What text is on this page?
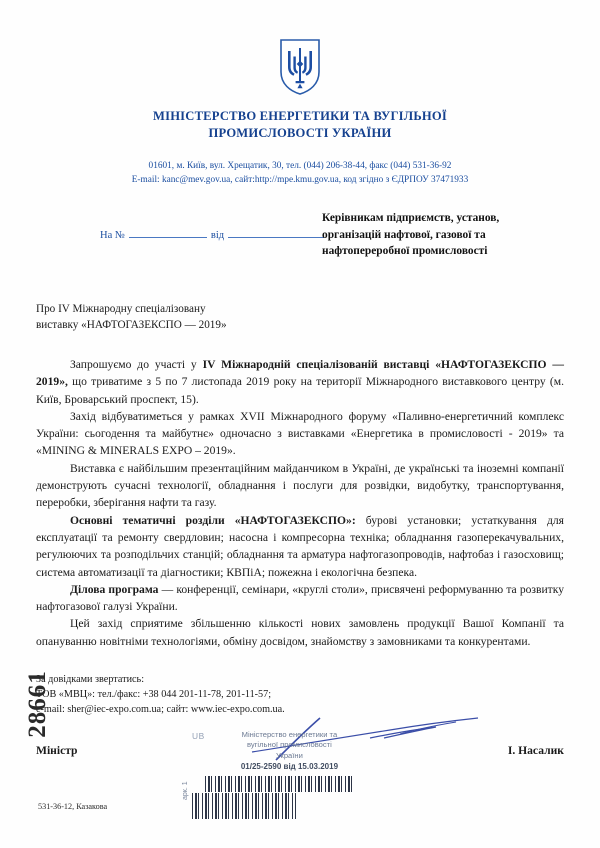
МІНІСТЕРСТВО ЕНЕРГЕТИКИ ТА ВУГІЛЬНОЇ
ПРОМИСЛОВОСТІ УКРАЇНИ
01601, м. Київ, вул. Хрещатик, 30, тел. (044) 206-38-44, факс (044) 531-36-92
E-mail: kanc@mev.gov.ua, сайт:http://mpe.kmu.gov.ua, код згідно з ЄДРПОУ 37471933
На №	від
Керівникам підприємств, установ,
організацій нафтової, газової та
нафтопереробної промисловості
Про IV Міжнародну спеціалізовану
виставку «НАФТОГАЗЕКСПО — 2019»

Запрошуємо до участі у IV Міжнародній спеціалізованій виставці «НАФТОГАЗЕКСПО — 2019», що триватиме з 5 по 7 листопада 2019 року на території Міжнародного виставкового центру (м. Київ, Броварський проспект, 15).

Захід відбуватиметься у рамках XVII Міжнародного форуму «Паливно-енергетичний комплекс України: сьогодення та майбутнє» одночасно з виставками «Енергетика в промисловості - 2019» та «MINING & MINERALS EXPO – 2019».

Виставка є найбільшим презентаційним майданчиком в Україні, де українські та іноземні компанії демонструють сучасні технології, обладнання і послуги для розвідки, видобутку, транспортування, переробки, зберігання нафти та газу.

Основні тематичні розділи «НАФТОГАЗЕКСПО»: бурові установки; устаткування для експлуатації та ремонту свердловин; насосна і компресорна техніка; обладнання газоперекачувальних, регулюючих та розподільчих станцій; обладнання та арматура нафтогазопроводів, нафтобаз і газосховищ; система автоматизації та діагностики; КВПіА; пожежна і екологічна безпека.

Ділова програма — конференції, семінари, «круглі столи», присвячені реформуванню та розвитку нафтогазової галузі України.

Цей захід сприятиме збільшенню кількості нових замовлень продукції Вашої Компанії та опануванню новітніми технологіями, обміну досвідом, знайомству з замовниками та конкурентами.

За довідками звертатись:
ТОВ «МВЦ»: тел./факс: +38 044 201-11-78, 201-11-57;
e-mail: sher@iec-expo.com.ua; сайт: www.iec-expo.com.ua.
Міністр	І. Насалик
UB	Міністерство енергетики та
вугільної промисловості
України
01/25-2590 від 15.03.2019
28661
531-36-12, Казакова
арк. 1
